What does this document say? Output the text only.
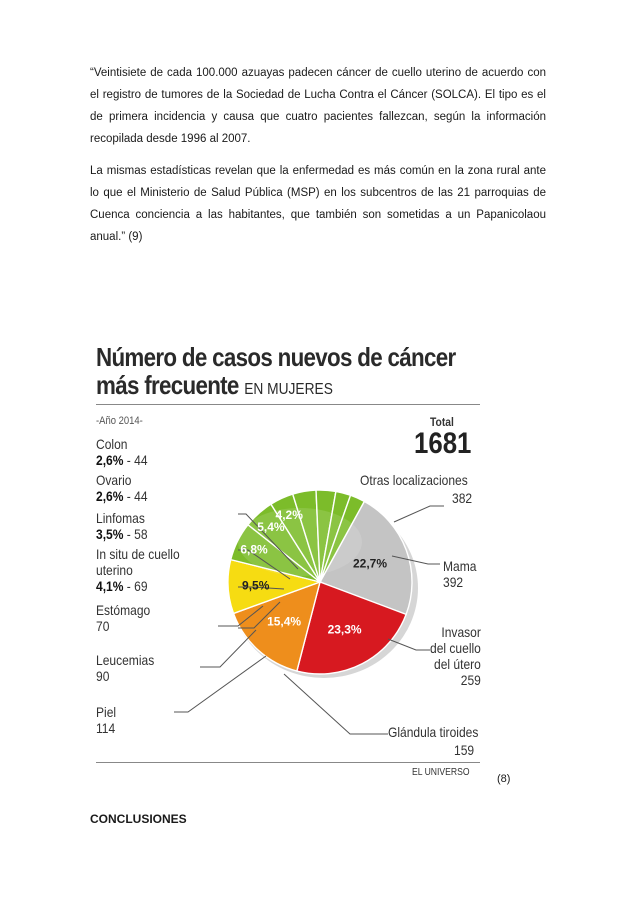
“Veintisiete de cada 100.000 azuayas padecen cáncer de cuello uterino de acuerdo con el registro de tumores de la Sociedad de Lucha Contra el Cáncer (SOLCA). El tipo es el de primera incidencia y causa que cuatro pacientes fallezcan, según la información recopilada desde 1996 al 2007.

La mismas estadísticas revelan que la enfermedad es más común en la zona rural ante lo que el Ministerio de Salud Pública (MSP) en los subcentros de las 21 parroquias de Cuenca conciencia a las habitantes, que también son sometidas a un Papanicolaou anual.” (9)

Número de casos nuevos de cáncer
más frecuente EN MUJERES
-Año 2014-	Total
1681
22,7%
23,3%
15,4%
9,5%
6,8%
5,4%
4,2%
Colon
2,6% - 44
Ovario
2,6% - 44
Linfomas
3,5% - 58
In situ de cuello
uterino
4,1% - 69
Estómago
70
Leucemias
90
Piel
114
Otras localizaciones
382
Mama
392
Invasor
del cuello
del útero
259
Glándula tiroides
159
EL UNIVERSO
(8)
CONCLUSIONES
